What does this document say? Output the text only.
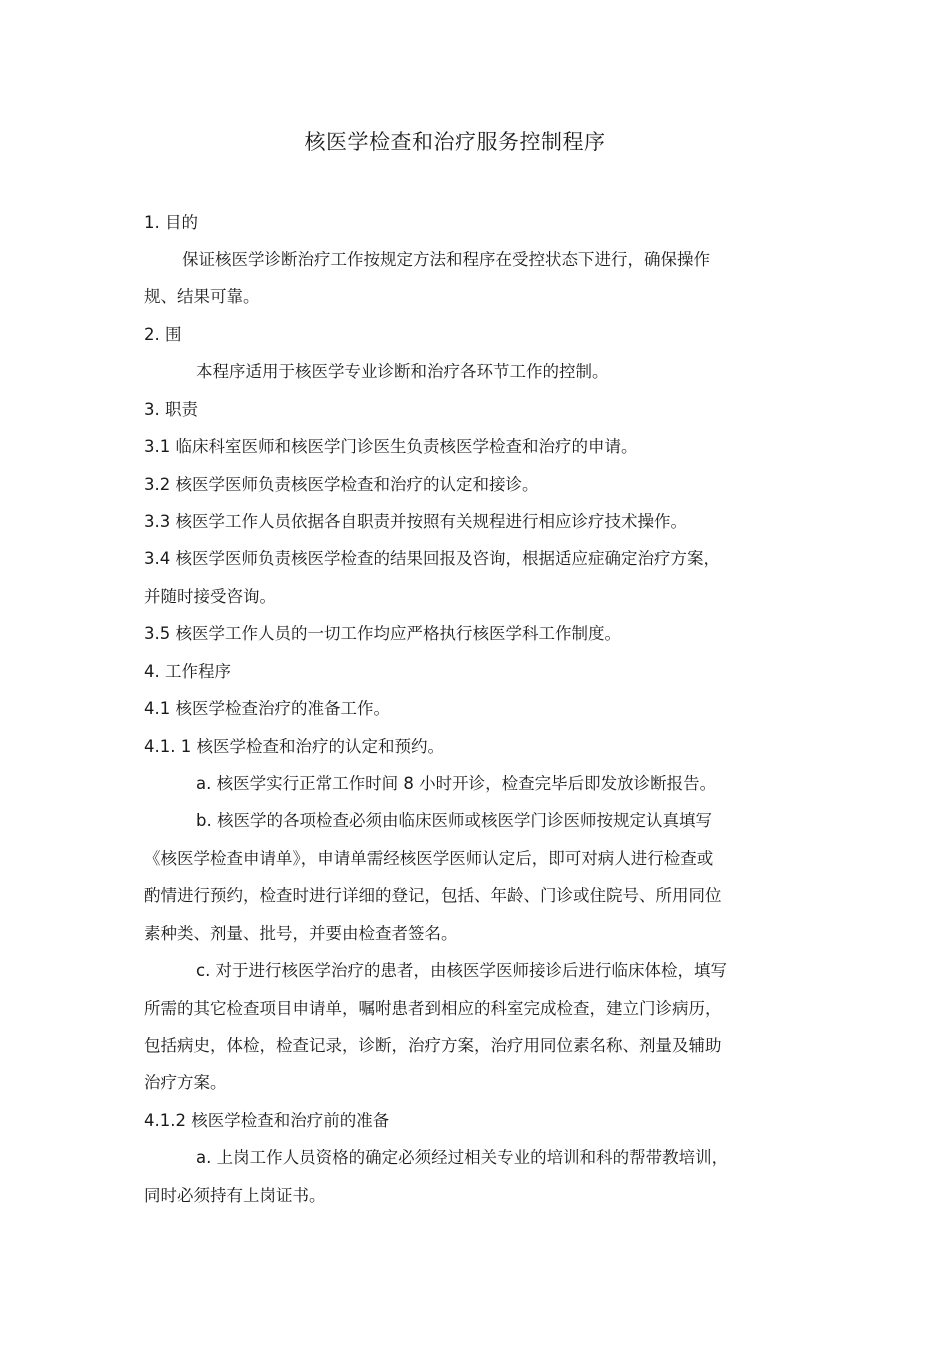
核医学检查和治疗服务控制程序
1. 目的
保证核医学诊断治疗工作按规定方法和程序在受控状态下进行，确保操作
规、结果可靠。
2. 围
本程序适用于核医学专业诊断和治疗各环节工作的控制。
3. 职责
3.1 临床科室医师和核医学门诊医生负责核医学检查和治疗的申请。
3.2 核医学医师负责核医学检查和治疗的认定和接诊。
3.3 核医学工作人员依据各自职责并按照有关规程进行相应诊疗技术操作。
3.4 核医学医师负责核医学检查的结果回报及咨询，根据适应症确定治疗方案，
并随时接受咨询。
3.5 核医学工作人员的一切工作均应严格执行核医学科工作制度。
4. 工作程序
4.1 核医学检查治疗的准备工作。
4.1. 1 核医学检查和治疗的认定和预约。
a. 核医学实行正常工作时间 8 小时开诊，检查完毕后即发放诊断报告。
b. 核医学的各项检查必须由临床医师或核医学门诊医师按规定认真填写
《核医学检查申请单》，申请单需经核医学医师认定后，即可对病人进行检查或
酌情进行预约，检查时进行详细的登记，包括、年龄、门诊或住院号、所用同位
素种类、剂量、批号，并要由检查者签名。
c. 对于进行核医学治疗的患者，由核医学医师接诊后进行临床体检，填写
所需的其它检查项目申请单，嘱咐患者到相应的科室完成检查，建立门诊病历，
包括病史，体检，检查记录，诊断，治疗方案，治疗用同位素名称、剂量及辅助
治疗方案。
4.1.2 核医学检查和治疗前的准备
a. 上岗工作人员资格的确定必须经过相关专业的培训和科的帮带教培训，
同时必须持有上岗证书。
